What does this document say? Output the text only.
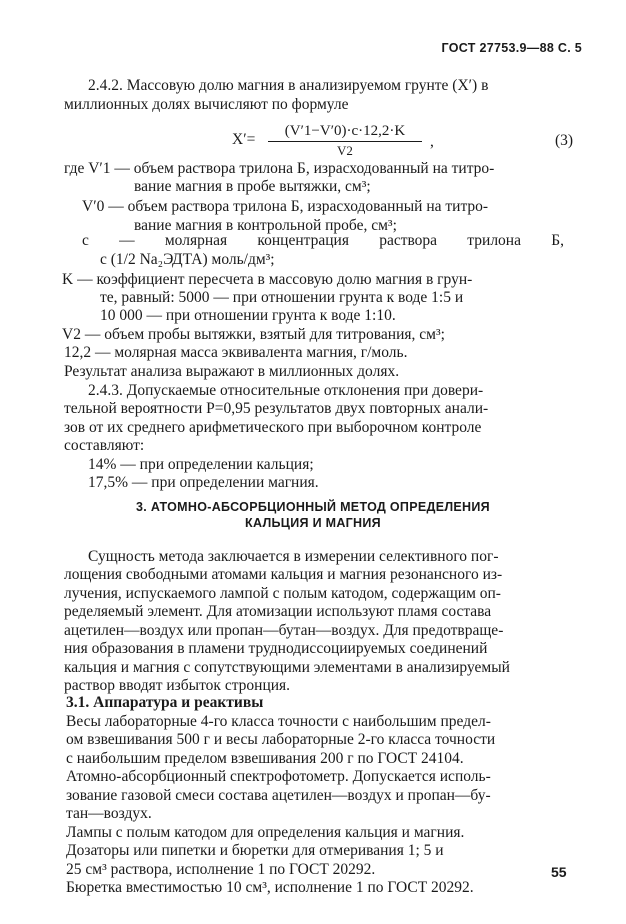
ГОСТ 27753.9—88 С. 5
2.4.2. Массовую долю магния в анализируемом грунте (X′) в
миллионных долях вычисляют по формуле
$X'= \frac{(V'1-V'0)\cdot c\cdot 12,2\cdot K}{V2}$ ,	(3)
где V′1 — объем раствора трилона Б, израсходованный на титро-
вание магния в пробе вытяжки, см³;
V′0 — объем раствора трилона Б, израсходованный на титро-
вание магния в контрольной пробе, см³;
c — молярная концентрация раствора трилона Б,
c (1/2 Na₂ЭДТА) моль/дм³;
K — коэффициент пересчета в массовую долю магния в грун-
те, равный: 5000 — при отношении грунта к воде 1:5 и
10 000 — при отношении грунта к воде 1:10.
V2 — объем пробы вытяжки, взятый для титрования, см³;
12,2 — молярная масса эквивалента магния, г/моль.
Результат анализа выражают в миллионных долях.
2.4.3. Допускаемые относительные отклонения при довери-
тельной вероятности P=0,95 результатов двух повторных анали-
зов от их среднего арифметического при выборочном контроле
составляют:
14% — при определении кальция;
17,5% — при определении магния.
3. АТОМНО-АБСОРБЦИОННЫЙ МЕТОД ОПРЕДЕЛЕНИЯ
КАЛЬЦИЯ И МАГНИЯ
Сущность метода заключается в измерении селективного пог-
лощения свободными атомами кальция и магния резонансного из-
лучения, испускаемого лампой с полым катодом, содержащим оп-
ределяемый элемент. Для атомизации используют пламя состава
ацетилен—воздух или пропан—бутан—воздух. Для предотвраще-
ния образования в пламени труднодиссоциируемых соединений
кальция и магния с сопутствующими элементами в анализируемый
раствор вводят избыток стронция.
3.1. Аппаратура и реактивы
Весы лабораторные 4-го класса точности с наибольшим предел-
ом взвешивания 500 г и весы лабораторные 2-го класса точности
с наибольшим пределом взвешивания 200 г по ГОСТ 24104.
Атомно-абсорбционный спектрофотометр. Допускается исполь-
зование газовой смеси состава ацетилен—воздух и пропан—бу-
тан—воздух.
Лампы с полым катодом для определения кальция и магния.
Дозаторы или пипетки и бюретки для отмеривания 1; 5 и
25 см³ раствора, исполнение 1 по ГОСТ 20292.
Бюретка вместимостью 10 см³, исполнение 1 по ГОСТ 20292.
55
